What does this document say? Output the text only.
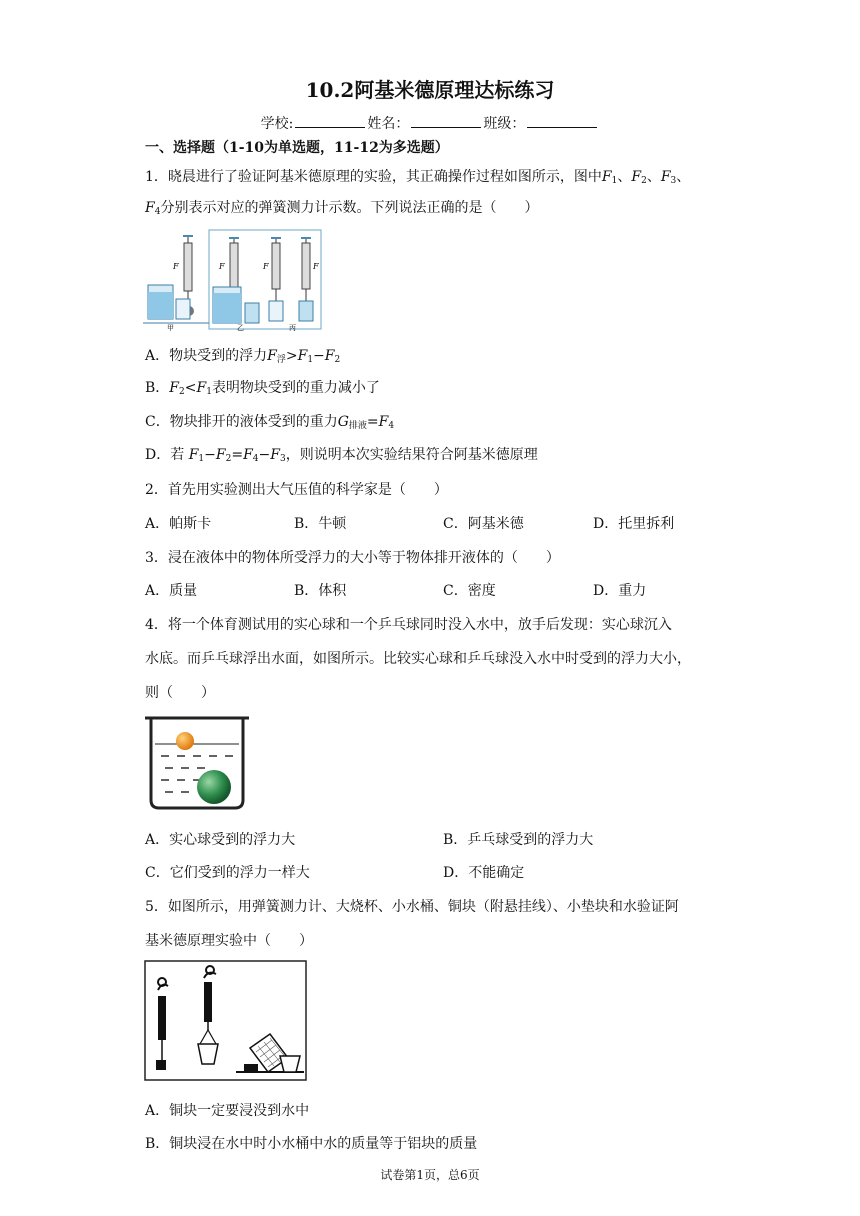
10.2阿基米德原理达标练习
学校:	姓名：	班级：
一、选择题（1-10为单选题，11-12为多选题）
1．晓晨进行了验证阿基米德原理的实验，其正确操作过程如图所示，图中$F_1$、$F_2$、$F_3$、
$F_4$分别表示对应的弹簧测力计示数。下列说法正确的是（　　）
F
甲
F
乙
F	F
丙
A．物块受到的浮力$F_浮>F_1-F_2$
B．$F_2<F_1$表明物块受到的重力减小了
C．物块排开的液体受到的重力$G_{排液}=F_4$
D．若 $F_1-F_2=F_4-F_3$，则说明本次实验结果符合阿基米德原理
2．首先用实验测出大气压值的科学家是（　　）
A．帕斯卡	B．牛顿	C．阿基米德	D．托里拆利
3．浸在液体中的物体所受浮力的大小等于物体排开液体的（　　）
A．质量	B．体积	C．密度	D．重力
4．将一个体育测试用的实心球和一个乒乓球同时没入水中，放手后发现：实心球沉入
水底。而乒乓球浮出水面，如图所示。比较实心球和乒乓球没入水中时受到的浮力大小，
则（　　）
A．实心球受到的浮力大	B．乒乓球受到的浮力大
C．它们受到的浮力一样大	D．不能确定
5．如图所示，用弹簧测力计、大烧杯、小水桶、铜块（附悬挂线）、小垫块和水验证阿
基米德原理实验中（　　）
A．铜块一定要浸没到水中
B．铜块浸在水中时小水桶中水的质量等于铝块的质量
试卷第1页，总6页
